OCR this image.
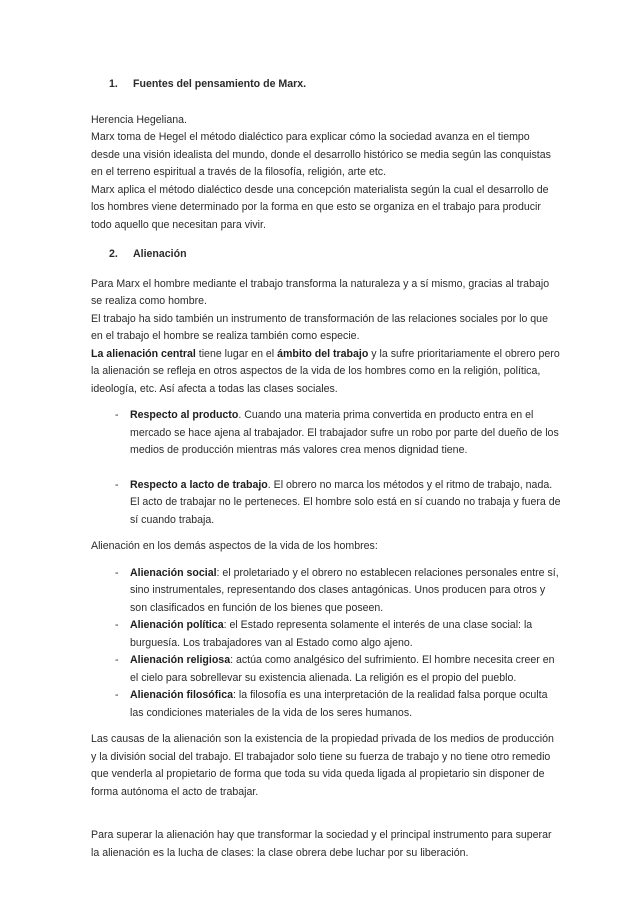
1.	Fuentes del pensamiento de Marx.

Herencia Hegeliana.

Marx toma de Hegel el método dialéctico para explicar cómo la sociedad avanza en el tiempo desde una visión idealista del mundo, donde el desarrollo histórico se media según las conquistas en el terreno espiritual a través de la filosofía, religión, arte etc.

Marx aplica el método dialéctico desde una concepción materialista según la cual el desarrollo de los hombres viene determinado por la forma en que esto se organiza en el trabajo para producir todo aquello que necesitan para vivir.

2.	Alienación

Para Marx el hombre mediante el trabajo transforma la naturaleza y a sí mismo, gracias al trabajo se realiza como hombre.

El trabajo ha sido también un instrumento de transformación de las relaciones sociales por lo que en el trabajo el hombre se realiza también como especie.

La alienación central tiene lugar en el ámbito del trabajo y la sufre prioritariamente el obrero pero la alienación se refleja en otros aspectos de la vida de los hombres como en la religión, política, ideología, etc. Así afecta a todas las clases sociales.

-	Respecto al producto. Cuando una materia prima convertida en producto entra en el mercado se hace ajena al trabajador. El trabajador sufre un robo por parte del dueño de los medios de producción mientras más valores crea menos dignidad tiene.
-	Respecto a lacto de trabajo. El obrero no marca los métodos y el ritmo de trabajo, nada. El acto de trabajar no le perteneces. El hombre solo está en sí cuando no trabaja y fuera de sí cuando trabaja.

Alienación en los demás aspectos de la vida de los hombres:

-	Alienación social: el proletariado y el obrero no establecen relaciones personales entre sí, sino instrumentales, representando dos clases antagónicas. Unos producen para otros y son clasificados en función de los bienes que poseen.
-	Alienación política: el Estado representa solamente el interés de una clase social: la burguesía. Los trabajadores van al Estado como algo ajeno.
-	Alienación religiosa: actúa como analgésico del sufrimiento. El hombre necesita creer en el cielo para sobrellevar su existencia alienada. La religión es el propio del pueblo.
-	Alienación filosófica: la filosofía es una interpretación de la realidad falsa porque oculta las condiciones materiales de la vida de los seres humanos.

Las causas de la alienación son la existencia de la propiedad privada de los medios de producción y la división social del trabajo. El trabajador solo tiene su fuerza de trabajo y no tiene otro remedio que venderla al propietario de forma que toda su vida queda ligada al propietario sin disponer de forma autónoma el acto de trabajar.

Para superar la alienación hay que transformar la sociedad y el principal instrumento para superar la alienación es la lucha de clases: la clase obrera debe luchar por su liberación.
